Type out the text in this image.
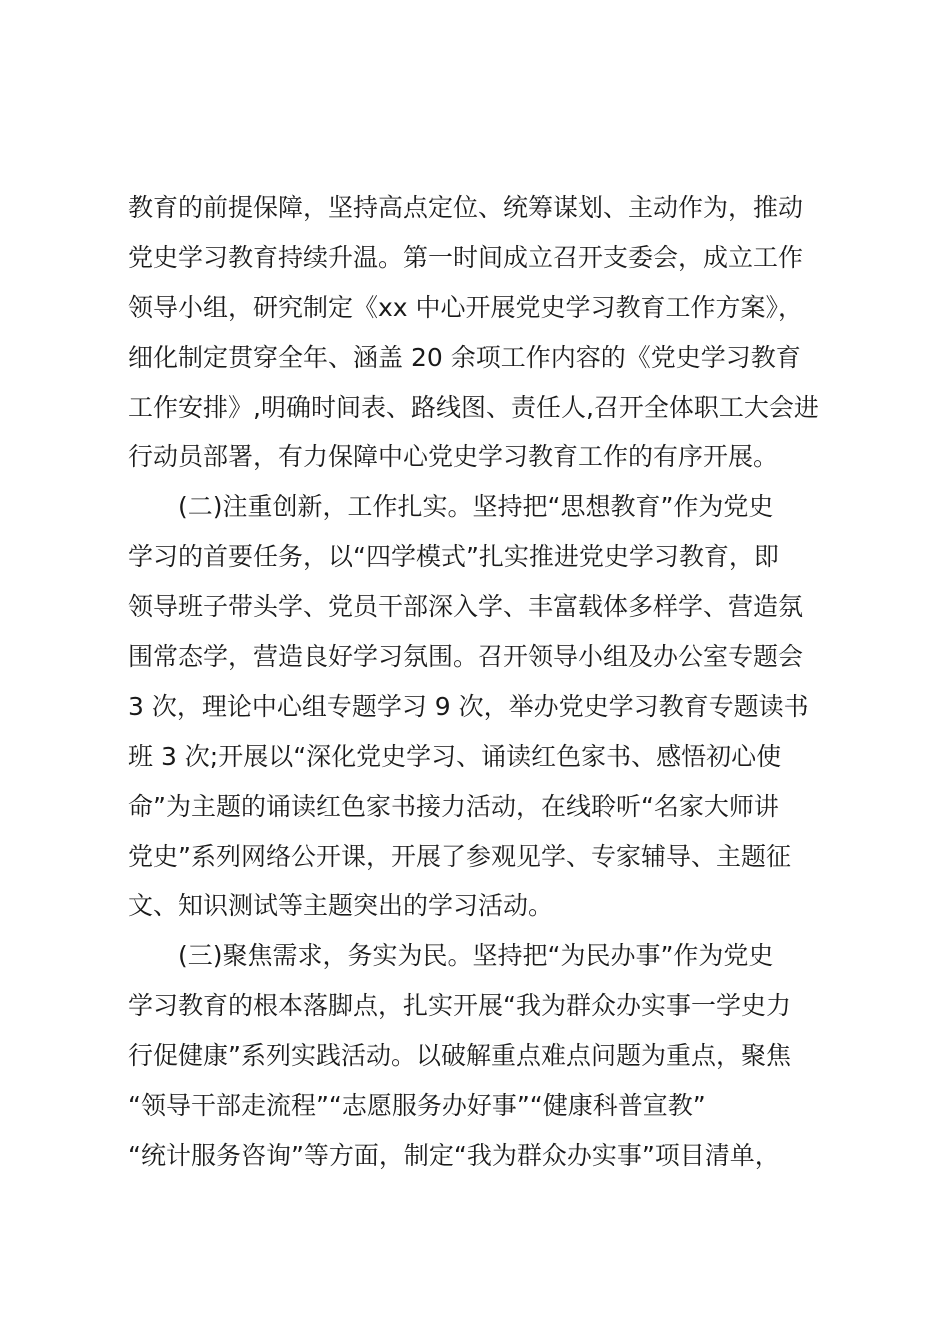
教育的前提保障，坚持高点定位、统筹谋划、主动作为，推动
党史学习教育持续升温。第一时间成立召开支委会，成立工作
领导小组，研究制定《xx 中心开展党史学习教育工作方案》，
细化制定贯穿全年、涵盖 20 余项工作内容的《党史学习教育
工作安排》,明确时间表、路线图、责任人,召开全体职工大会进
行动员部署，有力保障中心党史学习教育工作的有序开展。
(二)注重创新，工作扎实。坚持把“思想教育”作为党史
学习的首要任务，以“四学模式”扎实推进党史学习教育，即
领导班子带头学、党员干部深入学、丰富载体多样学、营造氛
围常态学，营造良好学习氛围。召开领导小组及办公室专题会
3 次，理论中心组专题学习 9 次，举办党史学习教育专题读书
班 3 次;开展以“深化党史学习、诵读红色家书、感悟初心使
命”为主题的诵读红色家书接力活动，在线聆听“名家大师讲
党史”系列网络公开课，开展了参观见学、专家辅导、主题征
文、知识测试等主题突出的学习活动。
(三)聚焦需求，务实为民。坚持把“为民办事”作为党史
学习教育的根本落脚点，扎实开展“我为群众办实事一学史力
行促健康”系列实践活动。以破解重点难点问题为重点，聚焦
“领导干部走流程”“志愿服务办好事”“健康科普宣教”
“统计服务咨询”等方面，制定“我为群众办实事”项目清单，
